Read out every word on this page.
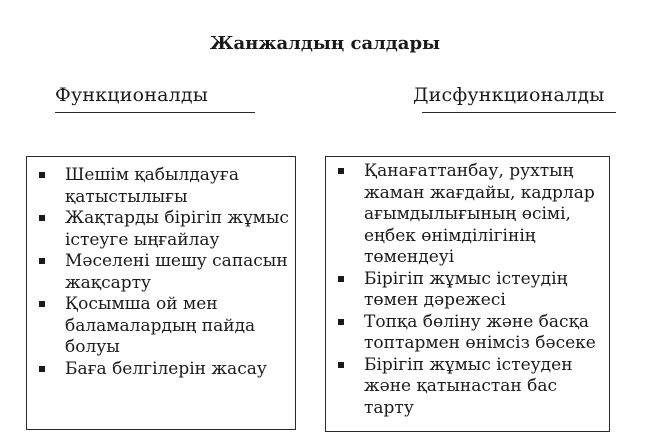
Жанжалдың салдары
Функционалды	Дисфункционалды
Шешім қабылдауға қатыстылығы
Жақтарды бірігіп жұмыс істеуге ыңғайлау
Мәселені шешу сапасын жақсарту
Қосымша ой мен баламалардың пайда болуы
Баға белгілерін жасау
Қанағаттанбау, рухтың жаман жағдайы, кадрлар ағымдылығының өсімі, еңбек өнімділігінің төмендеуі
Бірігіп жұмыс істеудің төмен дәрежесі
Топқа бөліну және басқа топтармен өнімсіз бәсеке
Бірігіп жұмыс істеуден және қатынастан бас тарту
